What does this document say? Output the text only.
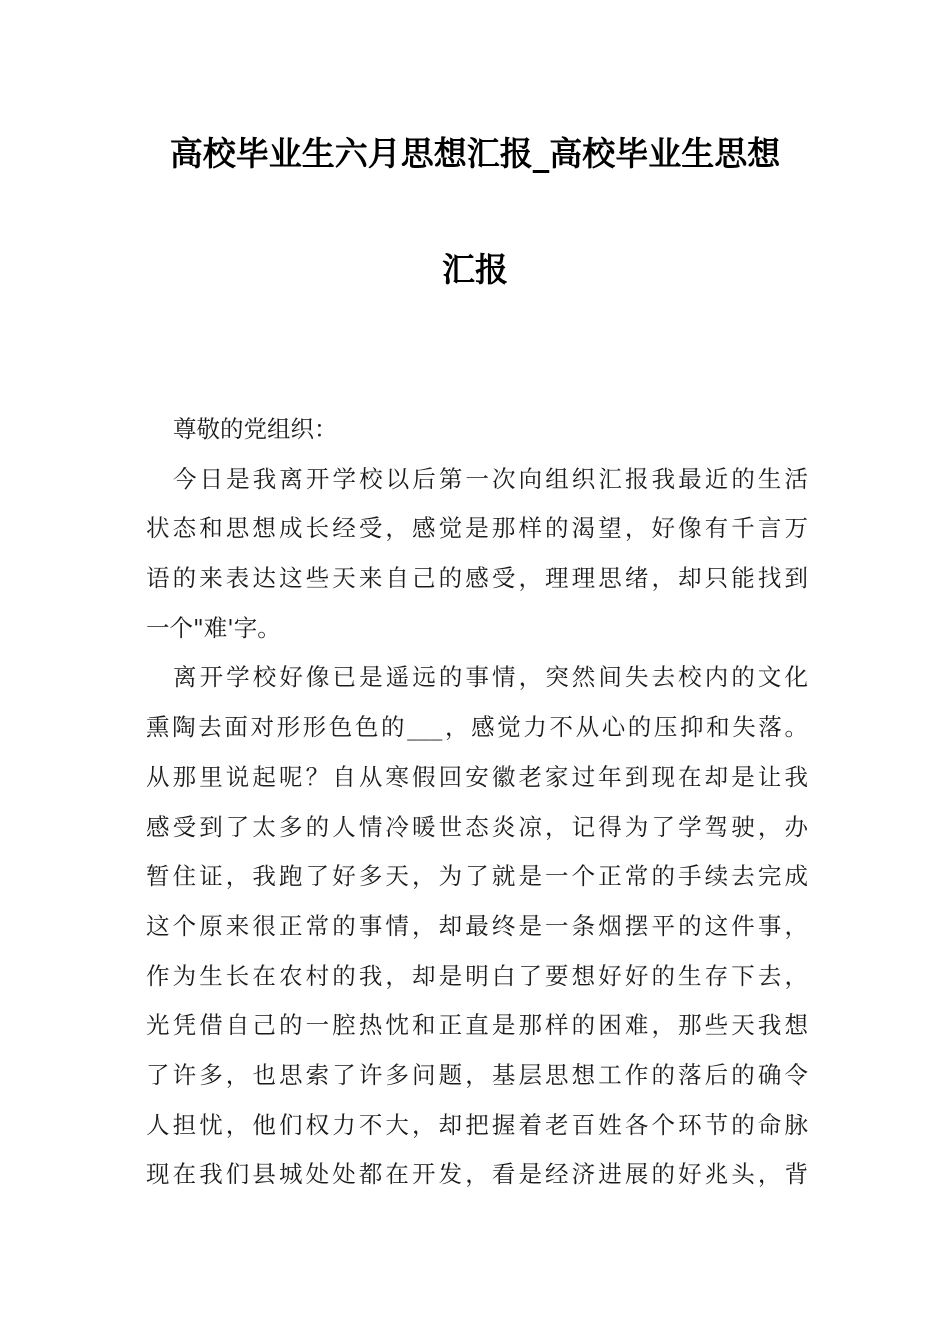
高校毕业生六月思想汇报_高校毕业生思想
汇报
尊敬的党组织：
今日是我离开学校以后第一次向组织汇报我最近的生活
状态和思想成长经受，感觉是那样的渴望，好像有千言万
语的来表达这些天来自己的感受，理理思绪，却只能找到
一个"难'字。
离开学校好像已是遥远的事情，突然间失去校内的文化
熏陶去面对形形色色的___，感觉力不从心的压抑和失落。
从那里说起呢？自从寒假回安徽老家过年到现在却是让我
感受到了太多的人情冷暖世态炎凉，记得为了学驾驶，办
暂住证，我跑了好多天，为了就是一个正常的手续去完成
这个原来很正常的事情，却最终是一条烟摆平的这件事，
作为生长在农村的我，却是明白了要想好好的生存下去，
光凭借自己的一腔热忱和正直是那样的困难，那些天我想
了许多，也思索了许多问题，基层思想工作的落后的确令
人担忧，他们权力不大，却把握着老百姓各个环节的命脉
现在我们县城处处都在开发，看是经济进展的好兆头，背
